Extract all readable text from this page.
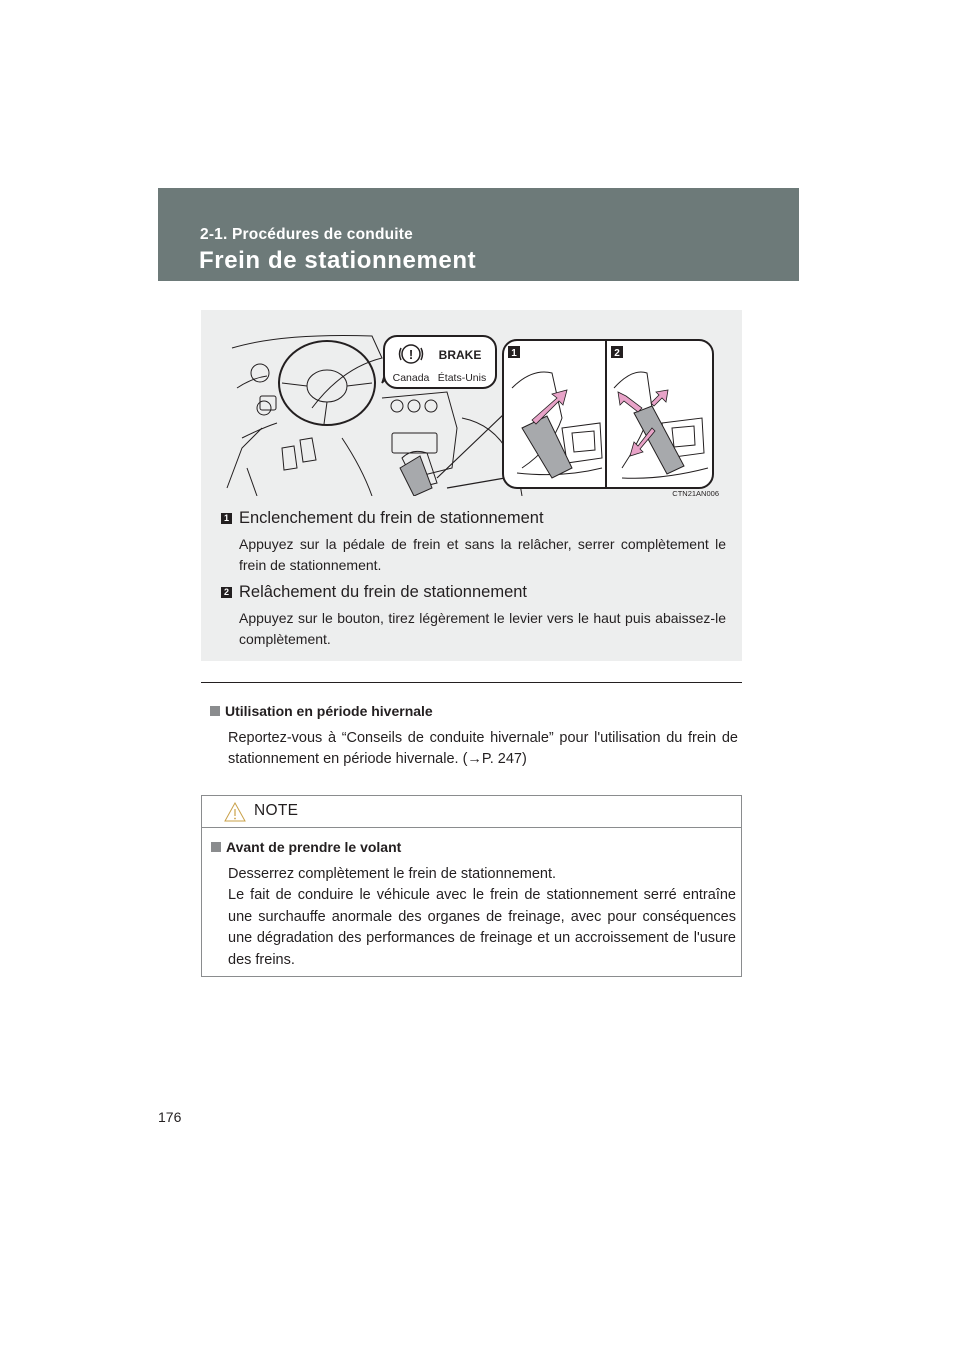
2-1. Procédures de conduite
Frein de stationnement
! BRAKE
Canada États-Unis
1	2
CTN21AN006
1 Enclenchement du frein de stationnement
Appuyez sur la pédale de frein et sans la relâcher, serrer complètement le frein de stationnement.
2 Relâchement du frein de stationnement
Appuyez sur le bouton, tirez légèrement le levier vers le haut puis abaissez-le complètement.
Utilisation en période hivernale
Reportez-vous à “Conseils de conduite hivernale” pour l'utilisation du frein de stationnement en période hivernale. (→P. 247)
NOTE
Avant de prendre le volant
Desserrez complètement le frein de stationnement.
Le fait de conduire le véhicule avec le frein de stationnement serré entraîne une surchauffe anormale des organes de freinage, avec pour conséquences une dégradation des performances de freinage et un accroissement de l'usure des freins.
176
